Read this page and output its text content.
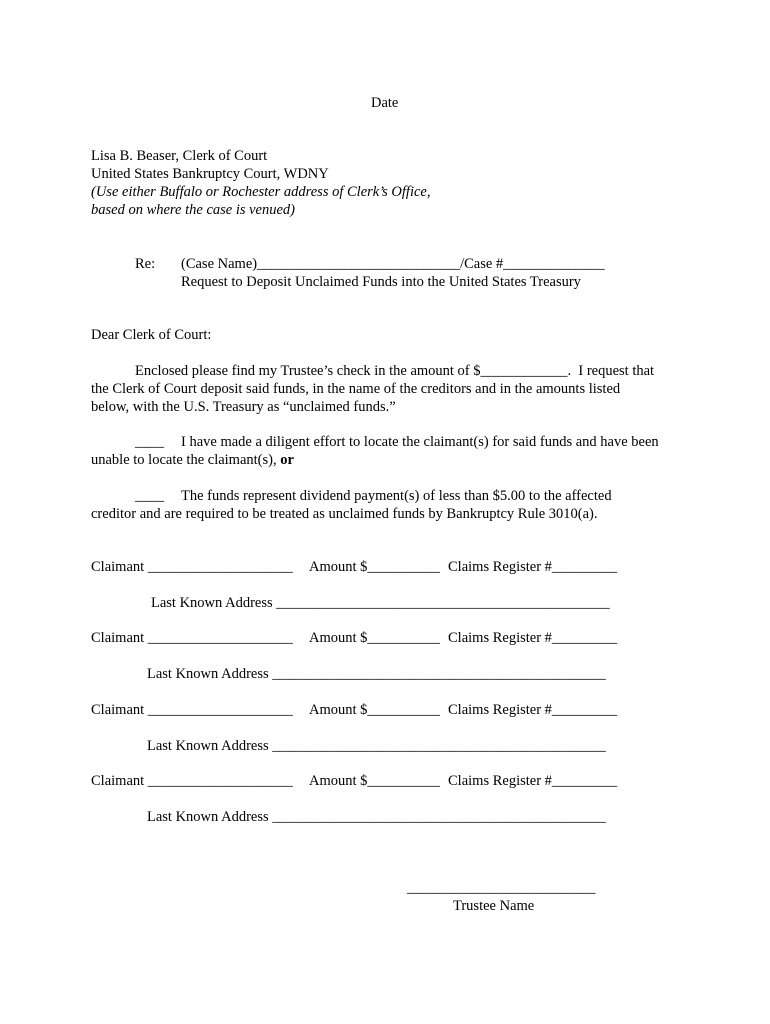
Date
Lisa B. Beaser, Clerk of Court
United States Bankruptcy Court, WDNY
(Use either Buffalo or Rochester address of Clerk’s Office,
based on where the case is venued)
Re: (Case Name)____________________________/Case #______________
Request to Deposit Unclaimed Funds into the United States Treasury
Dear Clerk of Court:
Enclosed please find my Trustee’s check in the amount of $____________.  I request that
the Clerk of Court deposit said funds, in the name of the creditors and in the amounts listed
below, with the U.S. Treasury as “unclaimed funds.”
____ I have made a diligent effort to locate the claimant(s) for said funds and have been
unable to locate the claimant(s), or
____ The funds represent dividend payment(s) of less than $5.00 to the affected
creditor and are required to be treated as unclaimed funds by Bankruptcy Rule 3010(a).
Claimant ____________________ Amount $__________ Claims Register #_________
Last Known Address ______________________________________________
Claimant ____________________ Amount $__________ Claims Register #_________
Last Known Address ______________________________________________
Claimant ____________________ Amount $__________ Claims Register #_________
Last Known Address ______________________________________________
Claimant ____________________ Amount $__________ Claims Register #_________
Last Known Address ______________________________________________
__________________________
Trustee Name
